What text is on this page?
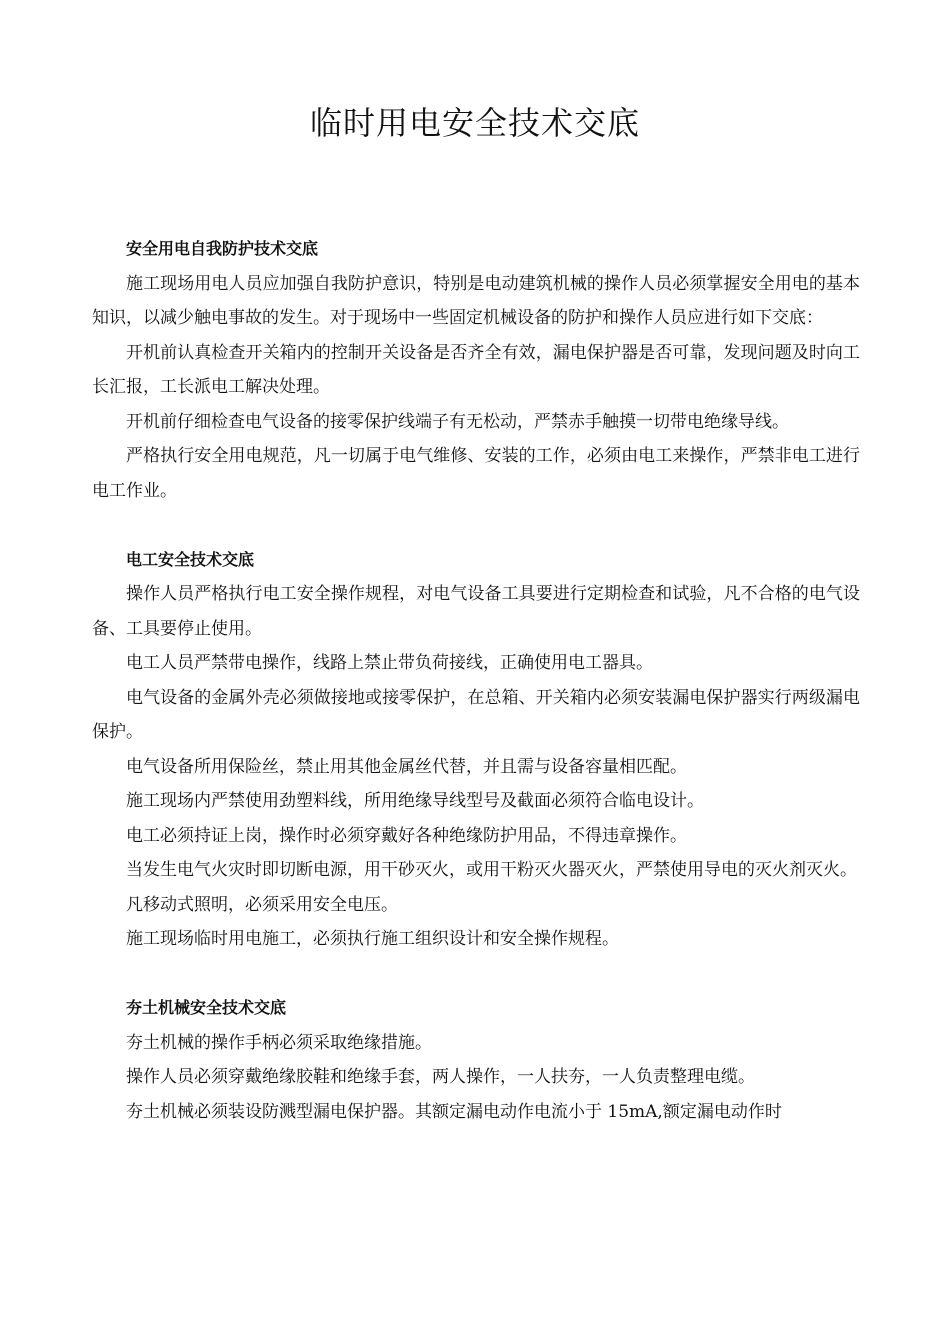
临时用电安全技术交底

安全用电自我防护技术交底

施工现场用电人员应加强自我防护意识，特别是电动建筑机械的操作人员必须掌握安全用电的基本知识，以减少触电事故的发生。对于现场中一些固定机械设备的防护和操作人员应进行如下交底：

开机前认真检查开关箱内的控制开关设备是否齐全有效，漏电保护器是否可靠，发现问题及时向工长汇报，工长派电工解决处理。

开机前仔细检查电气设备的接零保护线端子有无松动，严禁赤手触摸一切带电绝缘导线。

严格执行安全用电规范，凡一切属于电气维修、安装的工作，必须由电工来操作，严禁非电工进行电工作业。

电工安全技术交底

操作人员严格执行电工安全操作规程，对电气设备工具要进行定期检查和试验，凡不合格的电气设备、工具要停止使用。

电工人员严禁带电操作，线路上禁止带负荷接线，正确使用电工器具。

电气设备的金属外壳必须做接地或接零保护，在总箱、开关箱内必须安装漏电保护器实行两级漏电保护。

电气设备所用保险丝，禁止用其他金属丝代替，并且需与设备容量相匹配。

施工现场内严禁使用劲塑料线，所用绝缘导线型号及截面必须符合临电设计。

电工必须持证上岗，操作时必须穿戴好各种绝缘防护用品，不得违章操作。

当发生电气火灾时即切断电源，用干砂灭火，或用干粉灭火器灭火，严禁使用导电的灭火剂灭火。

凡移动式照明，必须采用安全电压。

施工现场临时用电施工，必须执行施工组织设计和安全操作规程。

夯土机械安全技术交底

夯土机械的操作手柄必须采取绝缘措施。

操作人员必须穿戴绝缘胶鞋和绝缘手套，两人操作，一人扶夯，一人负责整理电缆。

夯土机械必须装设防溅型漏电保护器。其额定漏电动作电流小于 15mA,额定漏电动作时
